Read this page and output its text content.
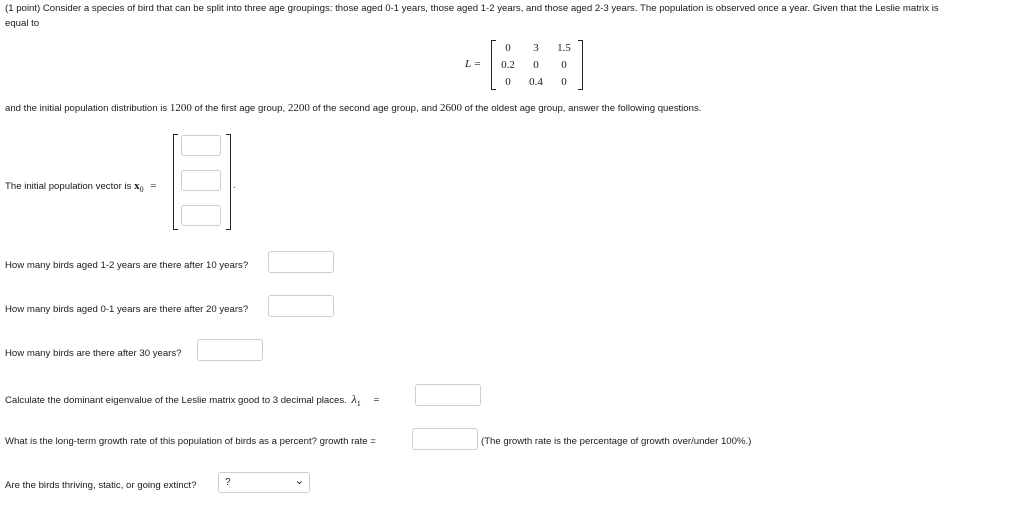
(1 point) Consider a species of bird that can be split into three age groupings: those aged 0-1 years, those aged 1-2 years, and those aged 2-3 years. The population is observed once a year. Given that the Leslie matrix is
equal to
L =
0	3	1.5
0.2	0	0
0	0.4	0
and the initial population distribution is 1200 of the first age group, 2200 of the second age group, and 2600 of the oldest age group, answer the following questions.
The initial population vector is $x_0$ =	.
How many birds aged 1-2 years are there after 10 years?
How many birds aged 0-1 years are there after 20 years?
How many birds are there after 30 years?
Calculate the dominant eigenvalue of the Leslie matrix good to 3 decimal places. $\lambda_1$ =
What is the long-term growth rate of this population of birds as a percent? growth rate =	(The growth rate is the percentage of growth over/under 100%.)
Are the birds thriving, static, or going extinct?	?	⌄
